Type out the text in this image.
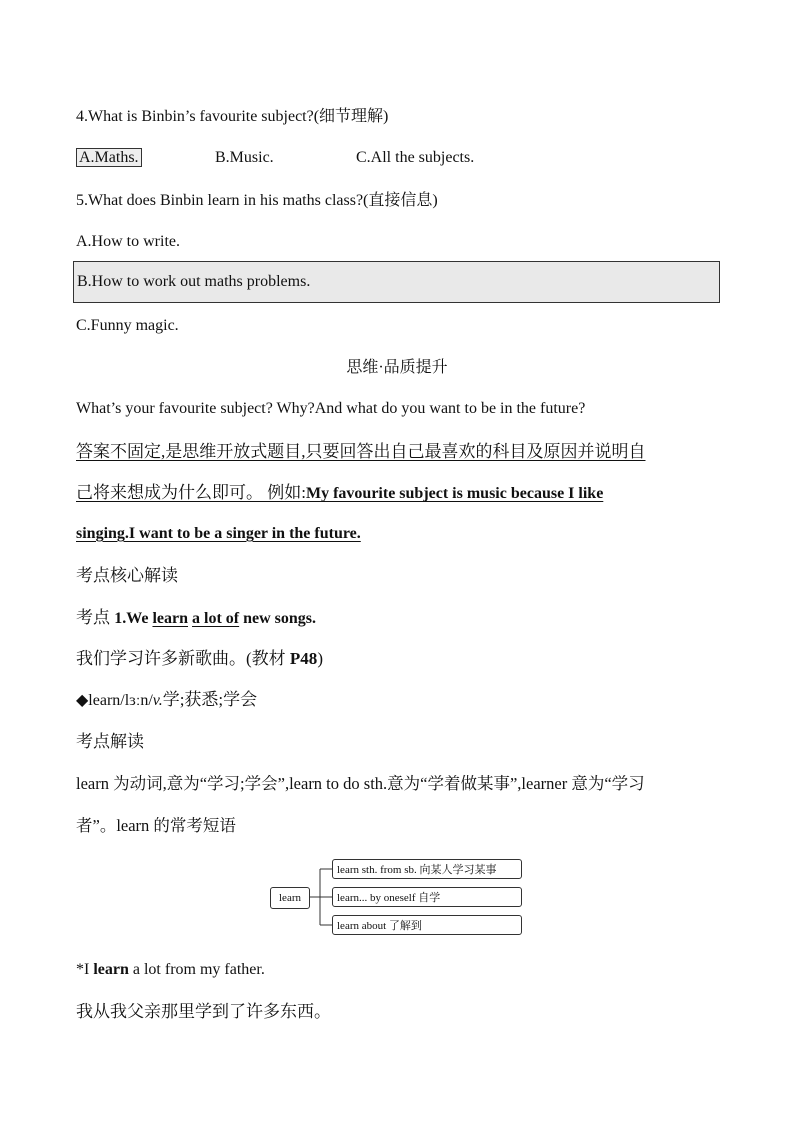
4.What is Binbin’s favourite subject?(细节理解)
A.Maths.	B.Music.	C.All the subjects.
5.What does Binbin learn in his maths class?(直接信息)
A.How to write.
B.How to work out maths problems.
C.Funny magic.
思维·品质提升
What’s your favourite subject? Why?And what do you want to be in the future?
答案不固定,是思维开放式题目,只要回答出自己最喜欢的科目及原因并说明自
己将来想成为什么即可。 例如:My favourite subject is music because I like
singing.I want to be a singer in the future.
考点核心解读
考点 1.We learn a lot of new songs.
我们学习许多新歌曲。(教材 P48)
◆learn/lɜːn/v.学;获悉;学会
考点解读
learn 为动词,意为“学习;学会”,learn to do sth.意为“学着做某事”,learner 意为“学习
者”。learn 的常考短语
learn
learn sth. from sb. 向某人学习某事
learn... by oneself 自学
learn about 了解到
*I learn a lot from my father.
我从我父亲那里学到了许多东西。
